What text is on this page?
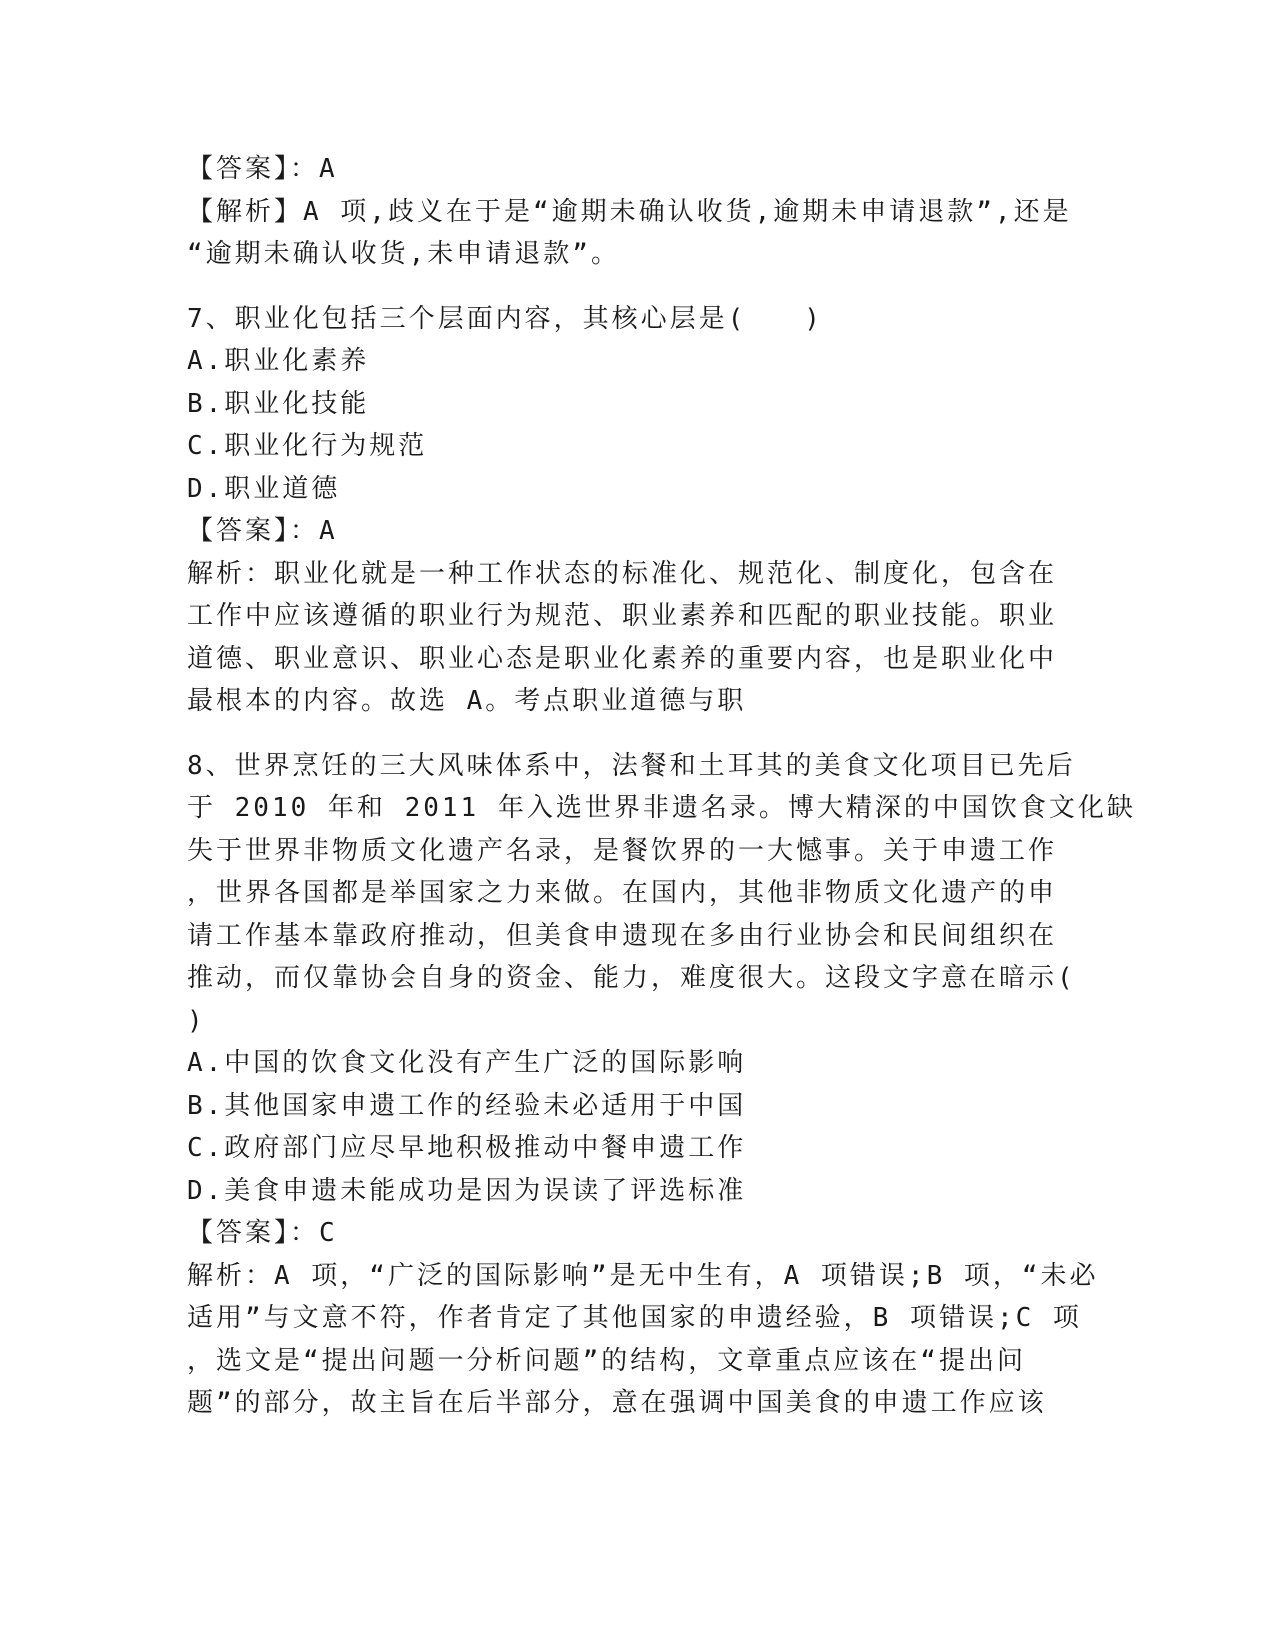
【答案】：A

【解析】A 项,歧义在于是“逾期未确认收货,逾期未申请退款”,还是

“逾期未确认收货,未申请退款”。

7、职业化包括三个层面内容，其核心层是(　　)

A.职业化素养

B.职业化技能

C.职业化行为规范

D.职业道德

【答案】：A

解析：职业化就是一种工作状态的标准化、规范化、制度化，包含在

工作中应该遵循的职业行为规范、职业素养和匹配的职业技能。职业

道德、职业意识、职业心态是职业化素养的重要内容，也是职业化中

最根本的内容。故选 A。考点职业道德与职

8、世界烹饪的三大风味体系中，法餐和土耳其的美食文化项目已先后

于 2010 年和 2011 年入选世界非遗名录。博大精深的中国饮食文化缺

失于世界非物质文化遗产名录，是餐饮界的一大憾事。关于申遗工作

，世界各国都是举国家之力来做。在国内，其他非物质文化遗产的申

请工作基本靠政府推动，但美食申遗现在多由行业协会和民间组织在

推动，而仅靠协会自身的资金、能力，难度很大。这段文字意在暗示(

)

A.中国的饮食文化没有产生广泛的国际影响

B.其他国家申遗工作的经验未必适用于中国

C.政府部门应尽早地积极推动中餐申遗工作

D.美食申遗未能成功是因为误读了评选标准

【答案】：C

解析：A 项，“广泛的国际影响”是无中生有，A 项错误;B 项，“未必

适用”与文意不符，作者肯定了其他国家的申遗经验，B 项错误;C 项

，选文是“提出问题一分析问题”的结构，文章重点应该在“提出问

题”的部分，故主旨在后半部分，意在强调中国美食的申遗工作应该
